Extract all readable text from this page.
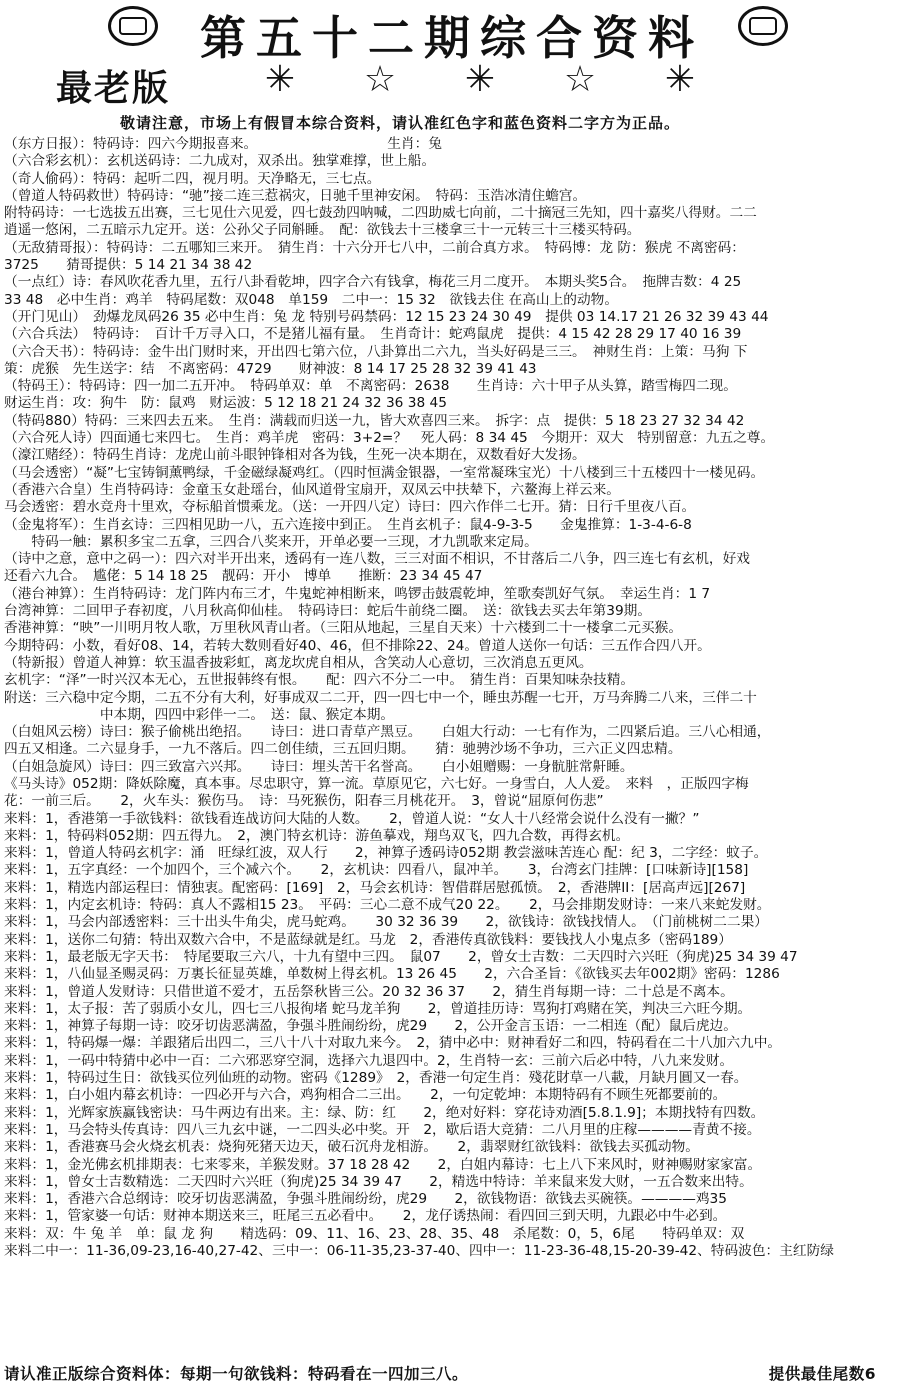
第五十二期综合资料
最老版	✳	☆	✳	☆	✳
敬请注意，市场上有假冒本综合资料，请认准红色字和蓝色资料二字方为正品。
（东方日报）：特码诗：四六今期报喜来。　　　　　　　　　　生肖：兔
（六合彩玄机）：玄机送码诗：二九成对，双杀出。独掌难撑，世上船。
（奇人偷码）：特码：起听二四，视月明。天净略无，三七点。
（曾道人特码救世）特码诗：“驰”接二连三惹祸灾，日驰千里神安闲。　特码：玉浩冰清住蟾宫。
附特码诗：一七选拔五出赛，三七见仕六见爱，四七鼓劲四呐喊，二四助威七向前，二十摘冠三先知，四十嘉奖八得财。二二
逍遥一悠闲，二五暗示九定开。送：公孙父子同斛睡。　配：欲钱去十三楼拿三十一元转三十三楼买特码。
（无敌猜哥报）：特码诗：二五哪知三来开。　猜生肖：十六分开七八中，二前合真方求。　特码博：龙 防：猴虎 不离密码：
3725　　猜哥提供：5 14 21 34 38 42
（一点红）诗：春风吹花香九里，五行八卦看乾坤，四字合六有钱拿，梅花三月二度开。　本期头奖5合。　拖牌吉数：4 25
33 48　必中生肖：鸡羊　特码尾数：双048　单159　二中一：15 32　欲钱去住 在高山上的动物。
（开门见山）　劲爆龙凤码26 35 必中生肖：兔 龙 特别号码禁码：12 15 23 24 30 49　提供 03 14.17 21 26 32 39 43 44
（六合兵法）　特码诗：　百计千万寻入口，不是猪儿福有量。　生肖奇计：蛇鸡鼠虎　提供：4 15 42 28 29 17 40 16 39
（六合天书）：特码诗：金牛出门财时来，开出四七第六位，八卦算出二六九，当头好码是三三。　神财生肖：上策：马狗 下
策：虎猴　先生送字：结　不离密码：4729　　财神波：8 14 17 25 28 32 39 41 43
（特码王）：特码诗：四一加二五开冲。　特码单双：单　不离密码：2638　　生肖诗：六十甲子从头算，踏雪梅四二现。
财运生肖：攻：狗牛　防：鼠鸡　财运波：5 12 18 21 24 32 36 38 45
（特码880）特码：三来四去五来。　生肖：满载而归送一九，皆大欢喜四三来。　拆字：点　提供：5 18 23 27 32 34 42
（六合死人诗）四面通七来四七。　生肖：鸡羊虎　密码：3+2=？　死人码：8 34 45　今期开：双大　特别留意：九五之尊。
（濠江赌经）：特码生肖诗：龙虎山前斗眼钟锋相对各为钱，生死一决本期在，双数看好大发扬。
（马会透密）“凝”七宝铸铜薰鸭绿，千金磁绿凝鸡红。（四时恒满金银器，一室常凝珠宝光）十八楼到三十五楼四十一楼见码。
（香港六合皇）生肖特码诗：金童玉女赴瑶台，仙风道骨宝扇开，双凤云中扶辇下，六鳌海上祥云来。
马会透密：碧水竞舟十里欢，夺标船首惯乘龙。（送：一开四八定）诗曰：四六作伴二七开。猜：日行千里夜八百。
（金鬼将军）：生肖玄诗：三四相见助一八，五六连接中到正。　生肖玄机子：鼠4-9-3-5　　金鬼推算：1-3-4-6-8
　　特码一触：累积多宝二五拿，三四合八奖来开，开单必要一三现，才九凯歌来定局。
（诗中之意，意中之码一）：四六对半开出来，透码有一连八数，三三对面不相识，不甘落后二八争，四三连七有玄机，好戏
还看六九合。　尴佬：5 14 18 25　靓码：开小　博单　　推断：23 34 45 47
（港台神算）：生肖特码诗：龙门阵内布三才，牛鬼蛇神相断来，鸣锣击鼓震乾坤，笙歌奏凯好气氛。　幸运生肖：1 7
台湾神算：二回甲子春初度，八月秋高仰仙桂。　特码诗曰：蛇后牛前绕二圈。　送：欲钱去买去年第39期。
香港神算：“映”一川明月牧人歌，万里秋风青山者。（三阳从地起，三星自天来）十六楼到二十一楼拿二元买猴。
今期特码：小数，看好08、14，若转大数则看好40、46，但不排除22、24。曾道人送你一句话：三五作合四八开。
（特新报）曾道人神算：软玉温香披彩虹，离龙坎虎自相从，含笑动人心意切，三次消息五更风。
玄机字：“泽”一时兴汉本无心，五世报韩终有恨。　　配：四六不分二一中。　猜生肖：百果知味杂技精。
附送：三六稳中定今期，二五不分有大利，好事成双二二开，四一四七中一个，睡虫苏醒一七开，万马奔腾二八来，三伴二十
　　　　　　　中本期，四四中彩伴一二。　送：鼠、猴定本期。
（白姐风云榜）诗曰：猴子偷桃出绝招。　　诗曰：进口青草产黑豆。　　白姐大行动：一七有作为，二四紧后追。三八心相通，
四五又相逢。二六显身手，一九不落后。四二创佳绩，三五回归期。　　猜：驰骋沙场不争功，三六正义四忠精。
（白姐急旋风）诗曰：四三致富六兴邦。　　诗曰：埋头苦干名誉高。　　白小姐赠赐：一身骯脏常鼾睡。
《马头诗》052期：降妖除魔，真本事。尽忠职守，算一流。草原见它，六七好。一身雪白，人人爱。　来料　，正版四字梅
花：一前三后。　　2，火车头：猴伤马。　诗：马死猴伤，阳春三月桃花开。　3，曾说“屈原何伤悲”
来料：1，香港第一手欲钱料：欲钱看连战访问大陆的人数。　　2，曾道人说：“女人十八经常会说什么没有一撇？”
来料：1，特码料052期：四五得九。　2，澳门特玄机诗：游鱼摹戏，翔鸟双飞，四九合数，再得玄机。
来料：1，曾道人特码玄机字：涌　旺绿红波，双人行　　2，神算子透码诗052期 教尝滋味苦连心 配：纪 3，二字经：蚊子。
来料：1，五字真经：一个加四个，三个减六个。　　2，玄机诀：四看八，鼠冲羊。　　3，台湾玄门挂牌：[口味新诗][158]
来料：1，精选内部运程曰：情独衷。配密码：[169]　2，马会玄机诗：智借群居慰孤愤。　2，香港牌II：[居高声远][267]
来料：1，内定玄机诗：特码：真人不露相15 23。　平码：三心二意不成气20 22。　　2，马会排期发财诗：一来八来蛇发财。
来料：1，马会内部透密料：三十出头牛角尖，虎马蛇鸡。　　30 32 36 39　　2，欲钱诗：欲钱找情人。　（门前桃树二二果）
来料：1，送你二句猜：特出双数六合中，不是蓝绿就是红。马龙　2，香港传真欲钱料：要钱找人小鬼点多（密码189）
来料：1，最老版无字天书：　特尾要取三六八，十九有望中三四。　鼠07　　2，曾女士吉数：二天四时六兴旺（狗虎)25 34 39 47
来料：1，八仙显圣赐灵码：万裏长征显英雄，单数树上得玄机。13 26 45　　2，六合圣旨：《欲钱买去年002期》密码：1286
来料：1，曾道人发财诗：只借世道不爱才，五岳祭秋皆三公。20 32 36 37　　2，猜生肖每期一诗：二十总是不离本。
来料：1，太子报：苦了弱质小女儿，四七三八报徇堵 蛇马龙羊狗　　2，曾道挂历诗：骂狗打鸡赌在笑，判决三六旺今期。
来料：1，神算子每期一诗：咬牙切齿恶满盈，争强斗胜闹纷纷，虎29　　2，公开金言玉语：一二相连（配）鼠后虎边。
来料：1，特码爆一爆：羊跟猪后出四二，三八十八十对取九来今。　2，猜中必中：财神看好二和四，特码看在二十八加六九中。
来料：1，一码中特猜中必中一百：二六邪恶穿空洞，选择六九退四中。2，生肖特一玄：三前六后必中特，八九来发财。
来料：1，特码过生日：欲钱买位列仙班的动物。密码《1289》　2，香港一句定生肖：殘花財草一八載，月缺月圓又一春。
来料：1，白小姐内幕玄机诗：一四必开与六合，鸡狗相合二三出。　　2，一句定乾坤：本期特码有不顾生死都要前的。
来料：1，光辉家族赢钱密诀：马牛两边有出来。主：绿、防：红　　2，绝对好料：穿花诗劝酒[5.8.1.9]；本期找特有四数。
来料：1，马会特头传真诗：四八三九玄中谜，一二四头必中奖。开　2，歇后语大竞猜：二八月里的庄稼————青黄不接。
来料：1，香港赛马会火烧玄机表：烧狗死猪天边天，破石沉舟龙相游。　　2，翡翠财红欲钱料：欲钱去买孤动物。
来料：1，金光佛玄机排期表：七来零来，羊猴发财。37 18 28 42　　2，白姐内幕诗：七上八下来风时，财神赐财家家富。
来料：1，曾女士吉数精选：二天四时六兴旺（狗虎)25 34 39 47　　2，精选中特诗：羊来鼠来发大财，一五合数来出特。
来料：1，香港六合总纲诗：咬牙切齿恶满盈，争强斗胜闹纷纷，虎29　　2，欲钱物语：欲钱去买碗筷。————鸡35
来料：1，管家婆一句话：财神本期送来三，旺尾三五必看中。　　2，龙仔诱热闹：看四回三到天明，九跟必中牛必到。
来料：双：牛 兔 羊　单：鼠 龙 狗　　精选码：09、11、16、23、28、35、48　杀尾数：0，5，6尾　　特码单双：双
来料二中一：11-36,09-23,16-40,27-42、三中一：06-11-35,23-37-40、四中一：11-23-36-48,15-20-39-42、特码波色：主红防绿
请认准正版综合资料体：每期一句欲钱料：特码看在一四加三八。	提供最佳尾数6
